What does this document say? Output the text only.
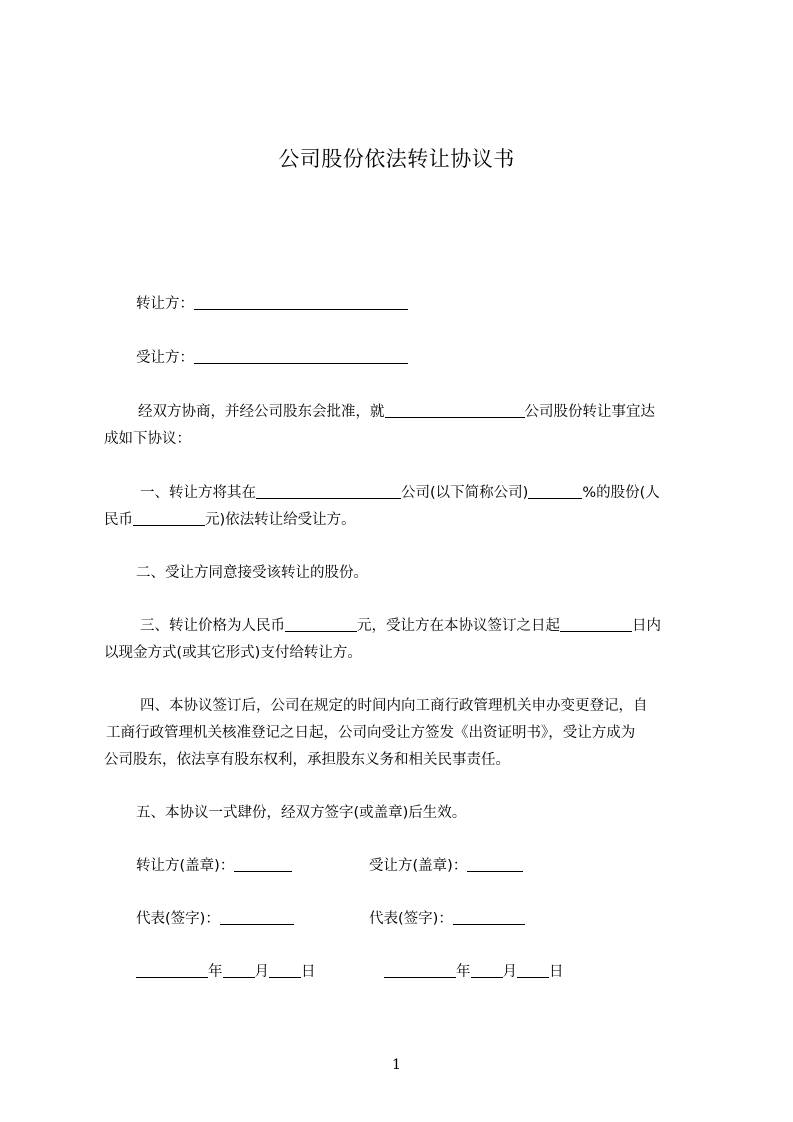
公司股份依法转让协议书
转让方：
受让方：
经双方协商，并经公司股东会批准，就	公司股份转让事宜达
成如下协议：
一、转让方将其在	公司(以下简称公司)	%的股份(人
民币	元)依法转让给受让方。
二、受让方同意接受该转让的股份。
三、转让价格为人民币	元，受让方在本协议签订之日起	日内
以现金方式(或其它形式)支付给转让方。
四、本协议签订后，公司在规定的时间内向工商行政管理机关申办变更登记，自
工商行政管理机关核准登记之日起，公司向受让方签发《出资证明书》，受让方成为
公司股东，依法享有股东权利，承担股东义务和相关民事责任。
五、本协议一式肆份，经双方签字(或盖章)后生效。
转让方(盖章)：	受让方(盖章)：
代表(签字)：	代表(签字)：
年 月 日	年 月 日
1
